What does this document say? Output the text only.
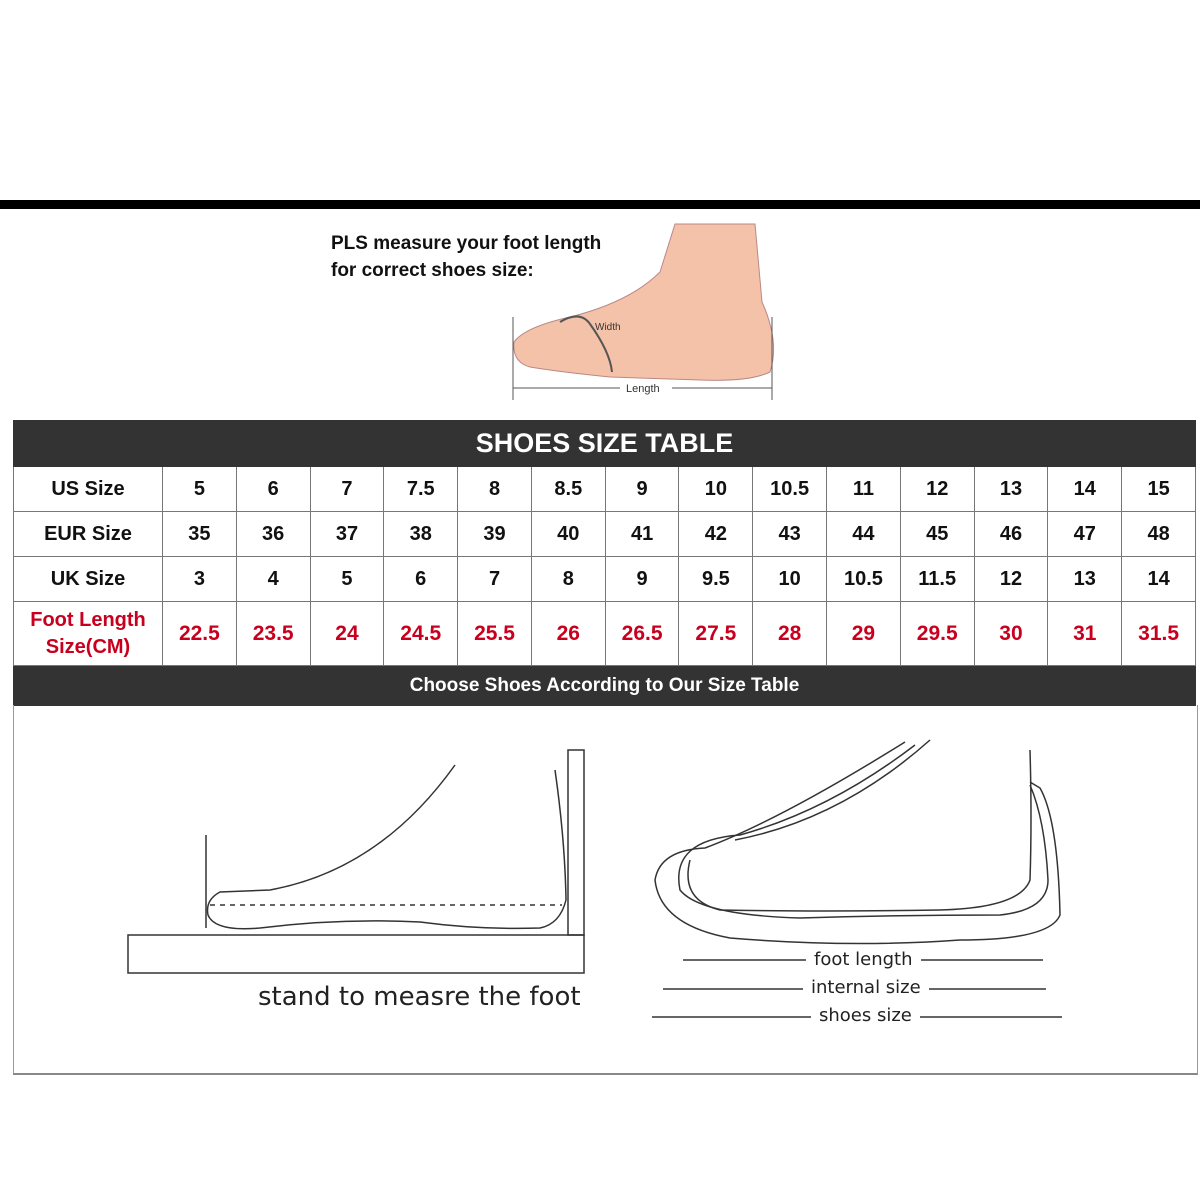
PLS measure your foot length
for correct shoes size:
Width
Length
SHOES SIZE TABLE														
US Size	5	6	7	7.5	8	8.5	9	10	10.5	11	12	13	14	15
EUR Size	35	36	37	38	39	40	41	42	43	44	45	46	47	48
UK Size	3	4	5	6	7	8	9	9.5	10	10.5	11.5	12	13	14

Foot Length
Size(CM)	22.5	23.5	24	24.5	25.5	26	26.5	27.5	28	29	29.5	30	31	31.5
Choose Shoes According to Our Size Table														
foot length
internal size
shoes size
stand to measre the foot
